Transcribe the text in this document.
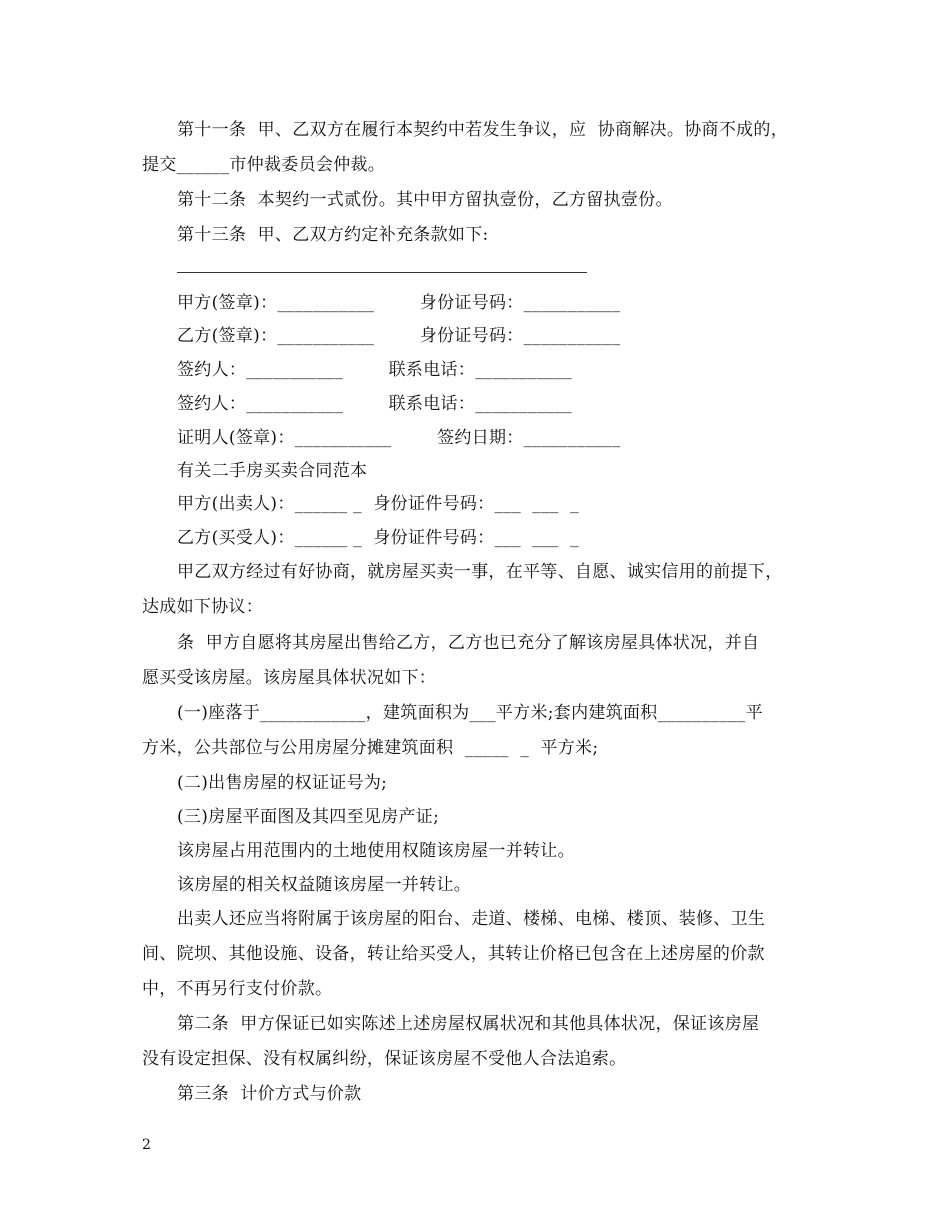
第十一条  甲、乙双方在履行本契约中若发生争议，应  协商解决。协商不成的，
提交______市仲裁委员会仲裁。
第十二条  本契约一式贰份。其中甲方留执壹份，乙方留执壹份。
第十三条  甲、乙双方约定补充条款如下:
甲方(签章)：___________        身份证号码：___________
乙方(签章)：___________        身份证号码：___________
签约人：___________        联系电话：___________
签约人：___________        联系电话：___________
证明人(签章)：___________        签约日期：___________
有关二手房买卖合同范本
甲方(出卖人)：______ _  身份证件号码：___  ___  _
乙方(买受人)：______ _  身份证件号码：___  ___  _
甲乙双方经过有好协商，就房屋买卖一事，在平等、自愿、诚实信用的前提下，
达成如下协议：
条  甲方自愿将其房屋出售给乙方，乙方也已充分了解该房屋具体状况，并自
愿买受该房屋。该房屋具体状况如下：
(一)座落于____________，建筑面积为___平方米;套内建筑面积__________平
方米，公共部位与公用房屋分摊建筑面积  _____  _  平方米;
(二)出售房屋的权证证号为;
(三)房屋平面图及其四至见房产证;
该房屋占用范围内的土地使用权随该房屋一并转让。
该房屋的相关权益随该房屋一并转让。
出卖人还应当将附属于该房屋的阳台、走道、楼梯、电梯、楼顶、装修、卫生
间、院坝、其他设施、设备，转让给买受人，其转让价格已包含在上述房屋的价款
中，不再另行支付价款。
第二条  甲方保证已如实陈述上述房屋权属状况和其他具体状况，保证该房屋
没有设定担保、没有权属纠纷，保证该房屋不受他人合法追索。
第三条  计价方式与价款
2
